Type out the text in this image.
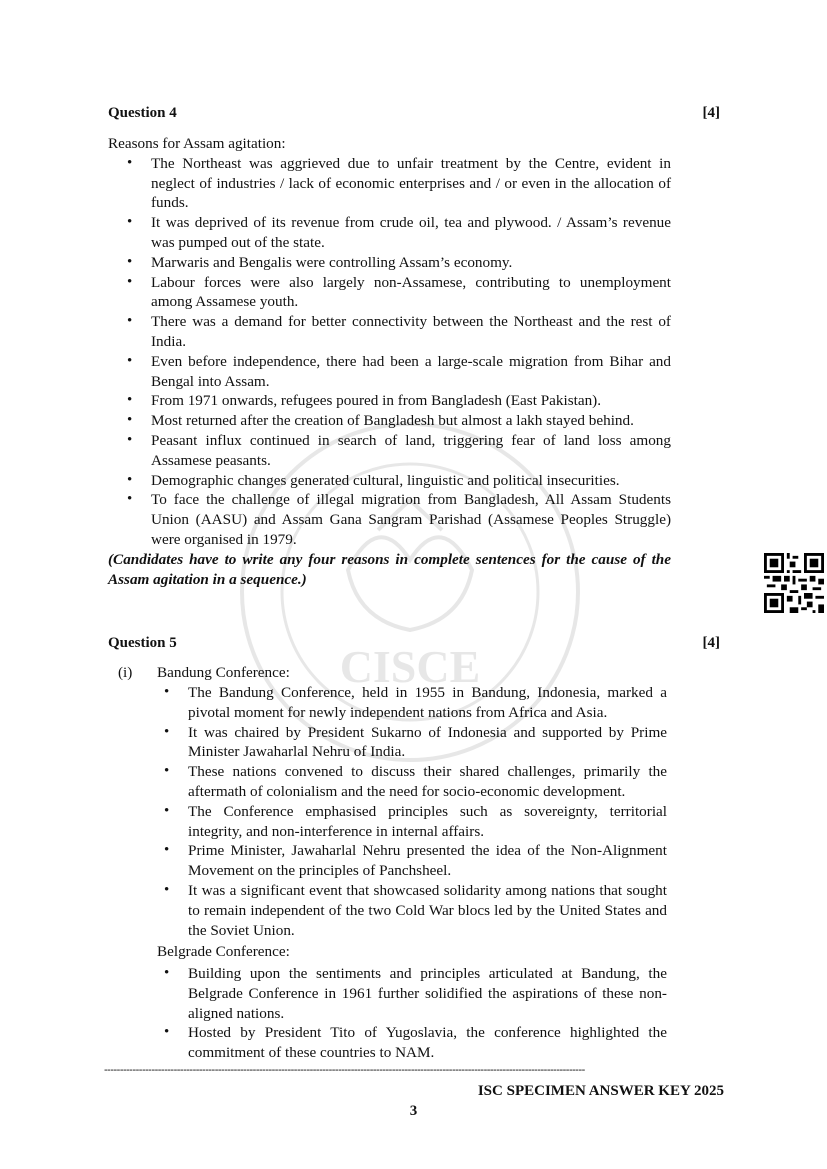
CISCE
Question 4	[4]

Reasons for Assam agitation:

• The Northeast was aggrieved due to unfair treatment by the Centre, evident in neglect of industries / lack of economic enterprises and / or even in the allocation of funds.
• It was deprived of its revenue from crude oil, tea and plywood. / Assam’s revenue was pumped out of the state.
• Marwaris and Bengalis were controlling Assam’s economy.
• Labour forces were also largely non-Assamese, contributing to unemployment among Assamese youth.
• There was a demand for better connectivity between the Northeast and the rest of India.
• Even before independence, there had been a large-scale migration from Bihar and Bengal into Assam.
• From 1971 onwards, refugees poured in from Bangladesh (East Pakistan).
• Most returned after the creation of Bangladesh but almost a lakh stayed behind.
• Peasant influx continued in search of land, triggering fear of land loss among Assamese peasants.
• Demographic changes generated cultural, linguistic and political insecurities.
• To face the challenge of illegal migration from Bangladesh, All Assam Students Union (AASU) and Assam Gana Sangram Parishad (Assamese Peoples Struggle) were organised in 1979.
(Candidates have to write any four reasons in complete sentences for the cause of the Assam agitation in a sequence.)
Question 5	[4]
(i) Bandung Conference:
• The Bandung Conference, held in 1955 in Bandung, Indonesia, marked a pivotal moment for newly independent nations from Africa and Asia.
• It was chaired by President Sukarno of Indonesia and supported by Prime Minister Jawaharlal Nehru of India.
• These nations convened to discuss their shared challenges, primarily the aftermath of colonialism and the need for socio-economic development.
• The Conference emphasised principles such as sovereignty, territorial integrity, and non-interference in internal affairs.
• Prime Minister, Jawaharlal Nehru presented the idea of the Non-Alignment Movement on the principles of Panchsheel.
• It was a significant event that showcased solidarity among nations that sought to remain independent of the two Cold War blocs led by the United States and the Soviet Union.
Belgrade Conference:
• Building upon the sentiments and principles articulated at Bandung, the Belgrade Conference in 1961 further solidified the aspirations of these non-aligned nations.
• Hosted by President Tito of Yugoslavia, the conference highlighted the commitment of these countries to NAM.
--------------------------------------------------------------------------------------------------------------------------------------------------------
ISC SPECIMEN ANSWER KEY 2025
3
